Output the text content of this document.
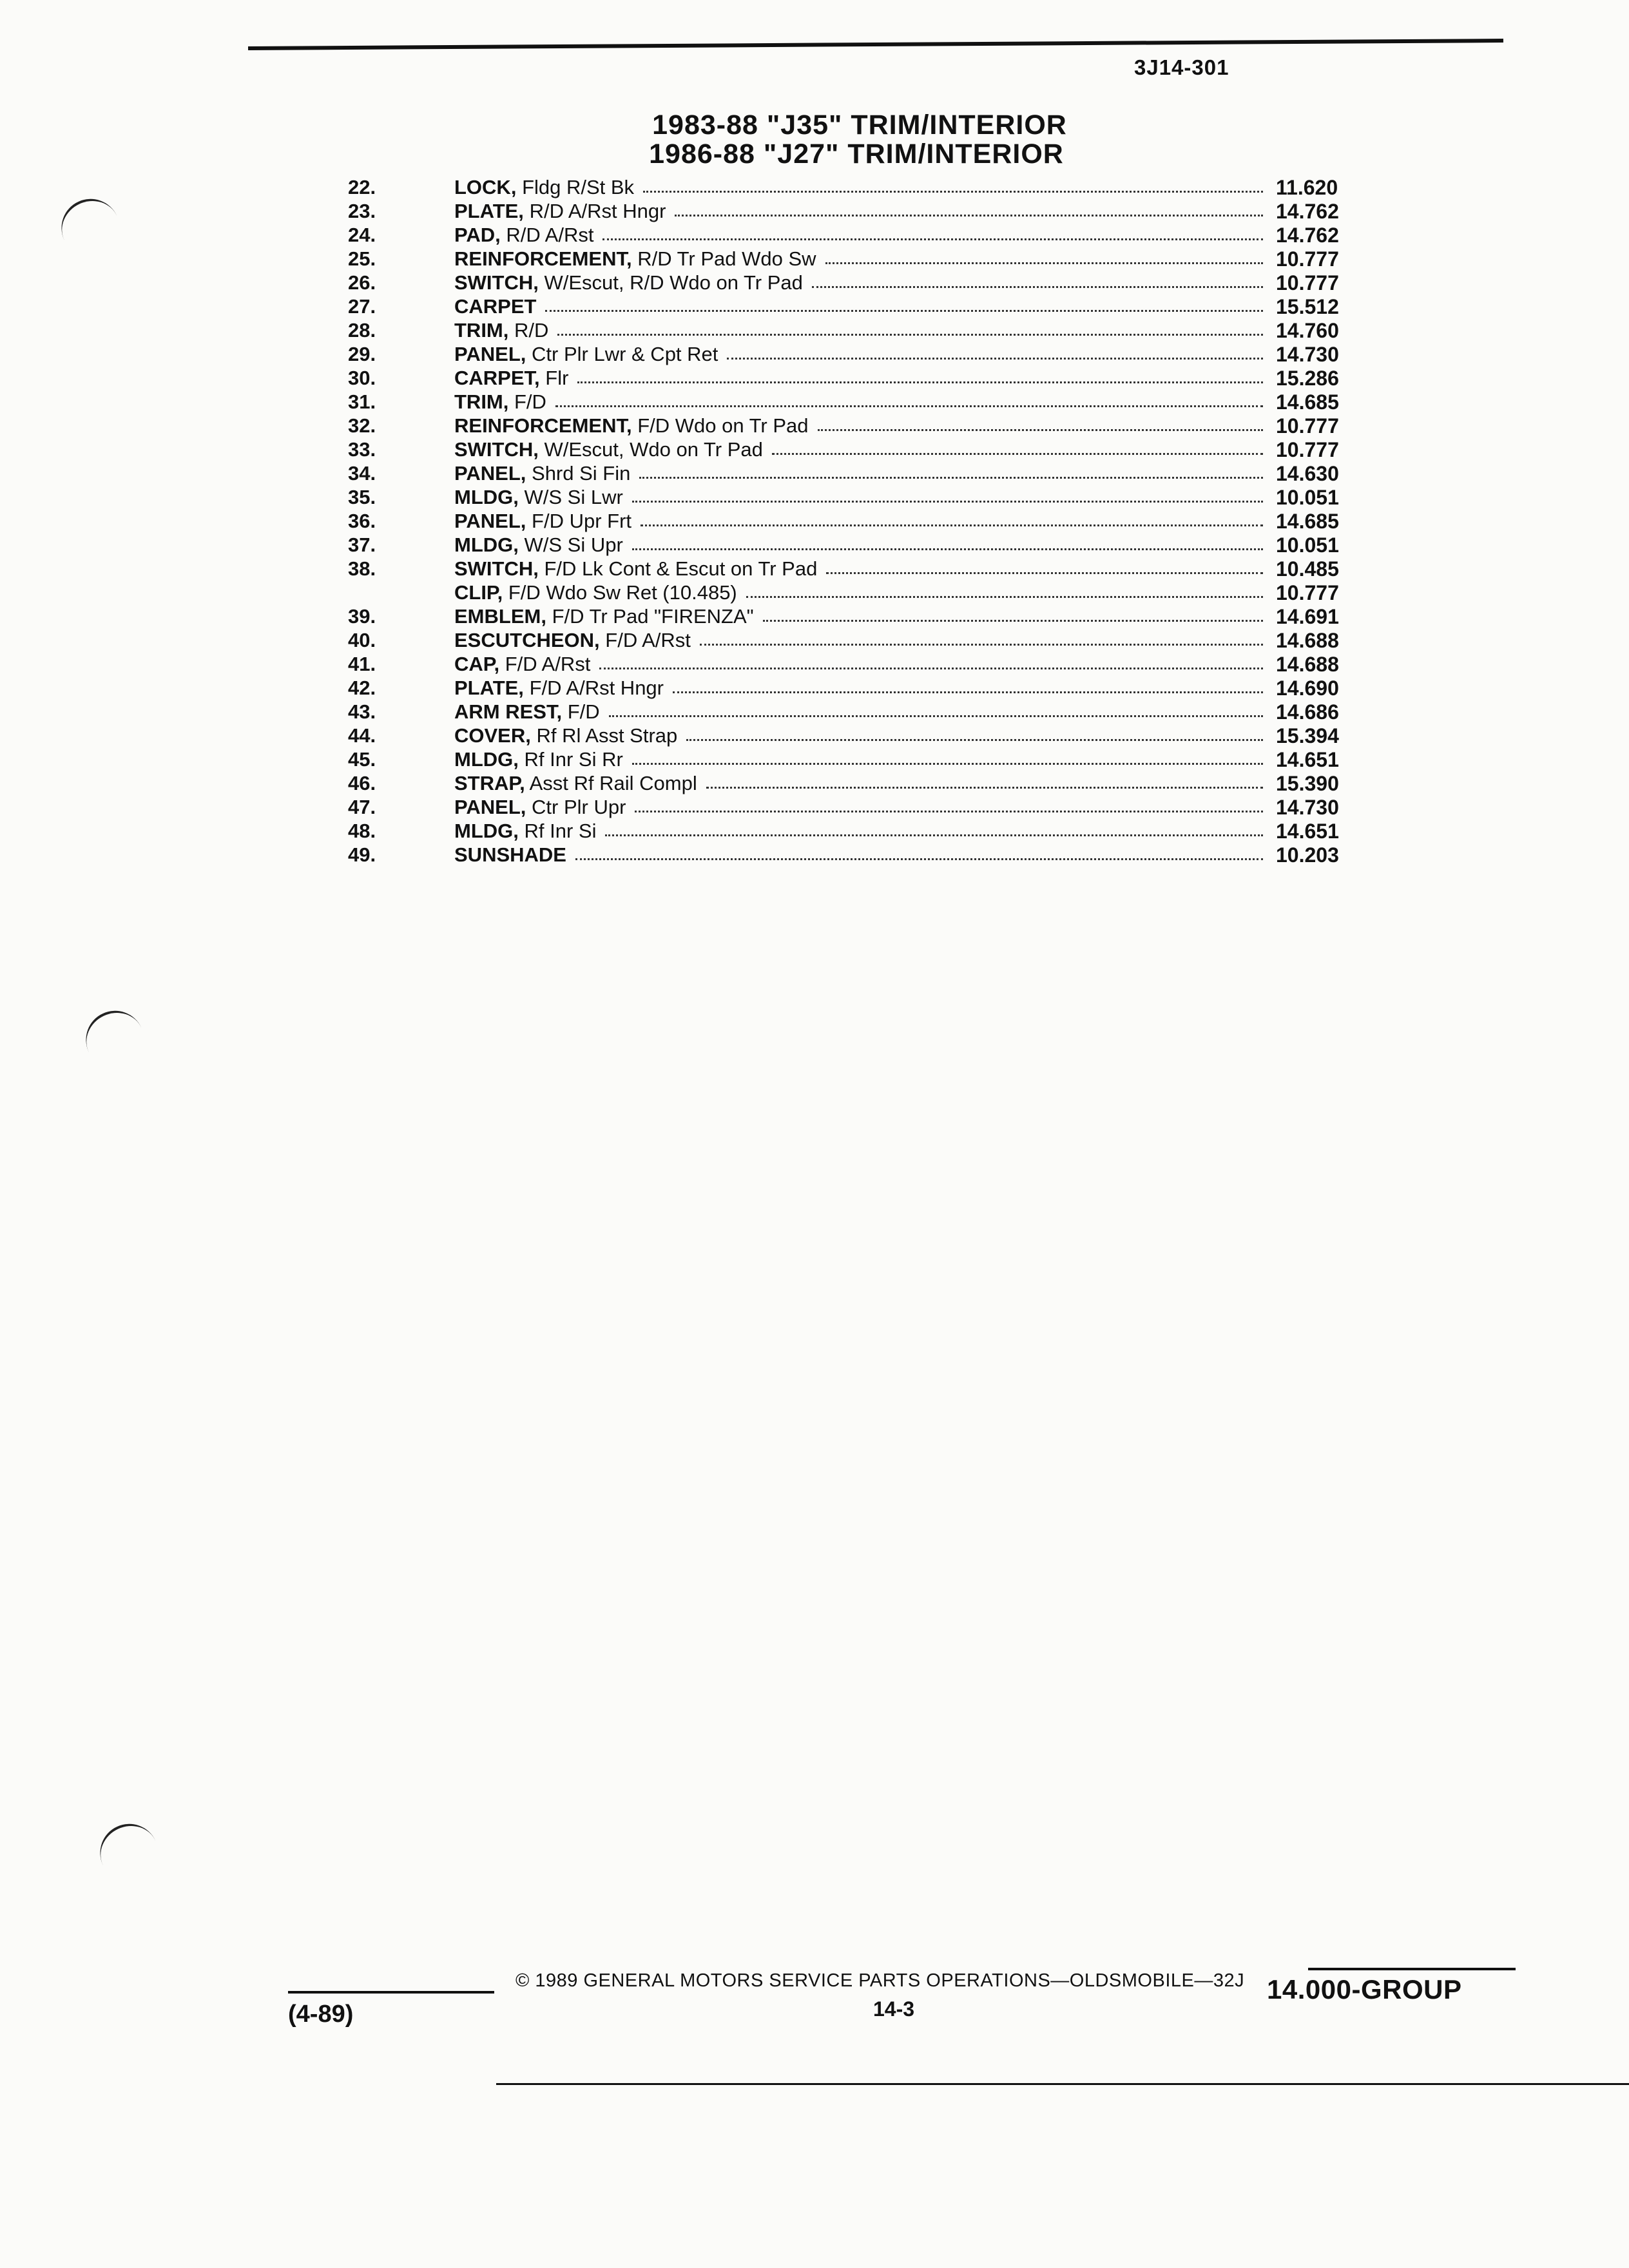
3J14-301
1983-88 "J35" TRIM/INTERIOR
1986-88 "J27" TRIM/INTERIOR
22.	LOCK, Fldg R/St Bk	11.620
23.	PLATE, R/D A/Rst Hngr	14.762
24.	PAD, R/D A/Rst	14.762
25.	REINFORCEMENT, R/D Tr Pad Wdo Sw	10.777
26.	SWITCH, W/Escut, R/D Wdo on Tr Pad	10.777
27.	CARPET	15.512
28.	TRIM, R/D	14.760
29.	PANEL, Ctr Plr Lwr & Cpt Ret	14.730
30.	CARPET, Flr	15.286
31.	TRIM, F/D	14.685
32.	REINFORCEMENT, F/D Wdo on Tr Pad	10.777
33.	SWITCH, W/Escut, Wdo on Tr Pad	10.777
34.	PANEL, Shrd Si Fin	14.630
35.	MLDG, W/S Si Lwr	10.051
36.	PANEL, F/D Upr Frt	14.685
37.	MLDG, W/S Si Upr	10.051
38.	SWITCH, F/D Lk Cont & Escut on Tr Pad	10.485
CLIP, F/D Wdo Sw Ret (10.485)	10.777
39.	EMBLEM, F/D Tr Pad "FIRENZA"	14.691
40.	ESCUTCHEON, F/D A/Rst	14.688
41.	CAP, F/D A/Rst	14.688
42.	PLATE, F/D A/Rst Hngr	14.690
43.	ARM REST, F/D	14.686
44.	COVER, Rf Rl Asst Strap	15.394
45.	MLDG, Rf Inr Si Rr	14.651
46.	STRAP, Asst Rf Rail Compl	15.390
47.	PANEL, Ctr Plr Upr	14.730
48.	MLDG, Rf Inr Si	14.651
49.	SUNSHADE	10.203
© 1989 GENERAL MOTORS SERVICE PARTS OPERATIONS—OLDSMOBILE—32J
14-3
(4-89)
14.000-GROUP
